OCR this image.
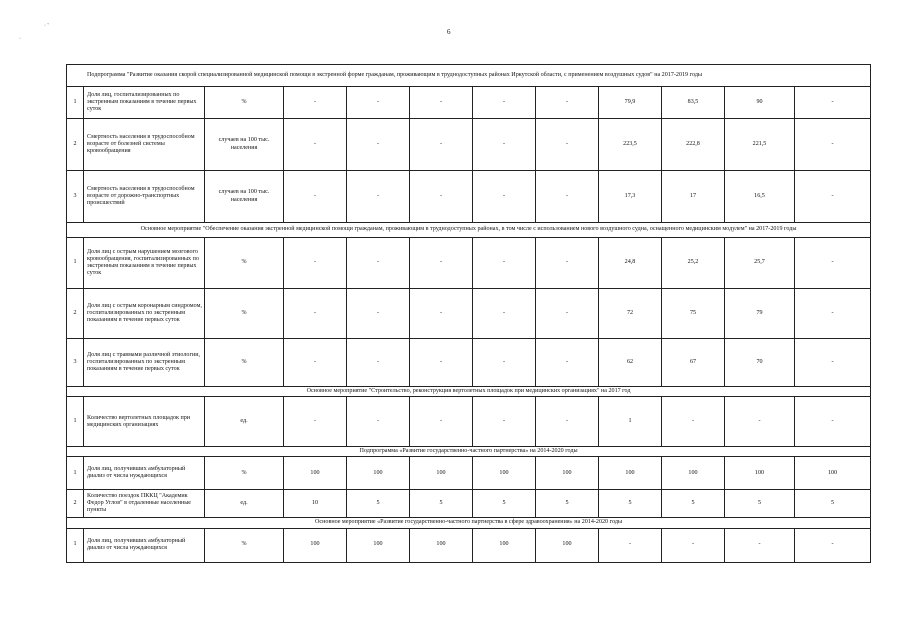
6
· '
·
Подпрограмма "Развитие оказания скорой специализированной медицинской помощи в экстренной форме гражданам, проживающим в труднодоступных районах Иркутской области, с применением воздушных судов" на 2017-2019 годы											
1	Доля лиц, госпитализированных по экстренным показаниям в течение первых суток	%	-	-	-	-	-	79,9	83,5	90	-
2	Смертность населения в трудоспособном возрасте от болезней системы кровообращения	случаев на 100 тыс. населения	-	-	-	-	-	223,5	222,8	221,5	-
3	Смертность населения в трудоспособном возрасте от дорожно-транспортных происшествий	случаев на 100 тыс. населения	-	-	-	-	-	17,3	17	16,5	-
Основное мероприятие "Обеспечение оказания экстренной медицинской помощи гражданам, проживающим в труднодоступных районах, в том числе с использованием нового воздушного судна, оснащенного медицинским модулем" на 2017-2019 годы											
1	Доля лиц с острым нарушением мозгового кровообращения, госпитализированных по экстренным показаниям в течение первых суток	%	-	-	-	-	-	24,8	25,2	25,7	-
2	Доля лиц с острым коронарным синдромом, госпитализированных по экстренным показаниям в течение первых суток	%	-	-	-	-	-	72	75	79	-
3	Доля лиц с травмами различной этиологии, госпитализированных по экстренным показаниям в течение первых суток	%	-	-	-	-	-	62	67	70	-
Основное мероприятие "Строительство, реконструкция вертолетных площадок при медицинских организациях" на 2017 год											
1	Количество вертолетных площадок при медицинских организациях	ед.	-	-	-	-	-	1	-	-	-
Подпрограмма «Развитие государственно-частного партнерства» на 2014-2020 годы											
1	Доля лиц, получивших амбулаторный диализ от числа нуждающихся	%	100	100	100	100	100	100	100	100	100
2	Количество поездок ПККЦ "Академик Федор Углов" в отдаленные населенные пункты	ед.	10	5	5	5	5	5	5	5	5
Основное мероприятие «Развитие государственно-частного партнерства в сфере здравоохранения» на 2014-2020 годы											
1	Доля лиц, получивших амбулаторный диализ от числа нуждающихся	%	100	100	100	100	100	-	-	-	-
